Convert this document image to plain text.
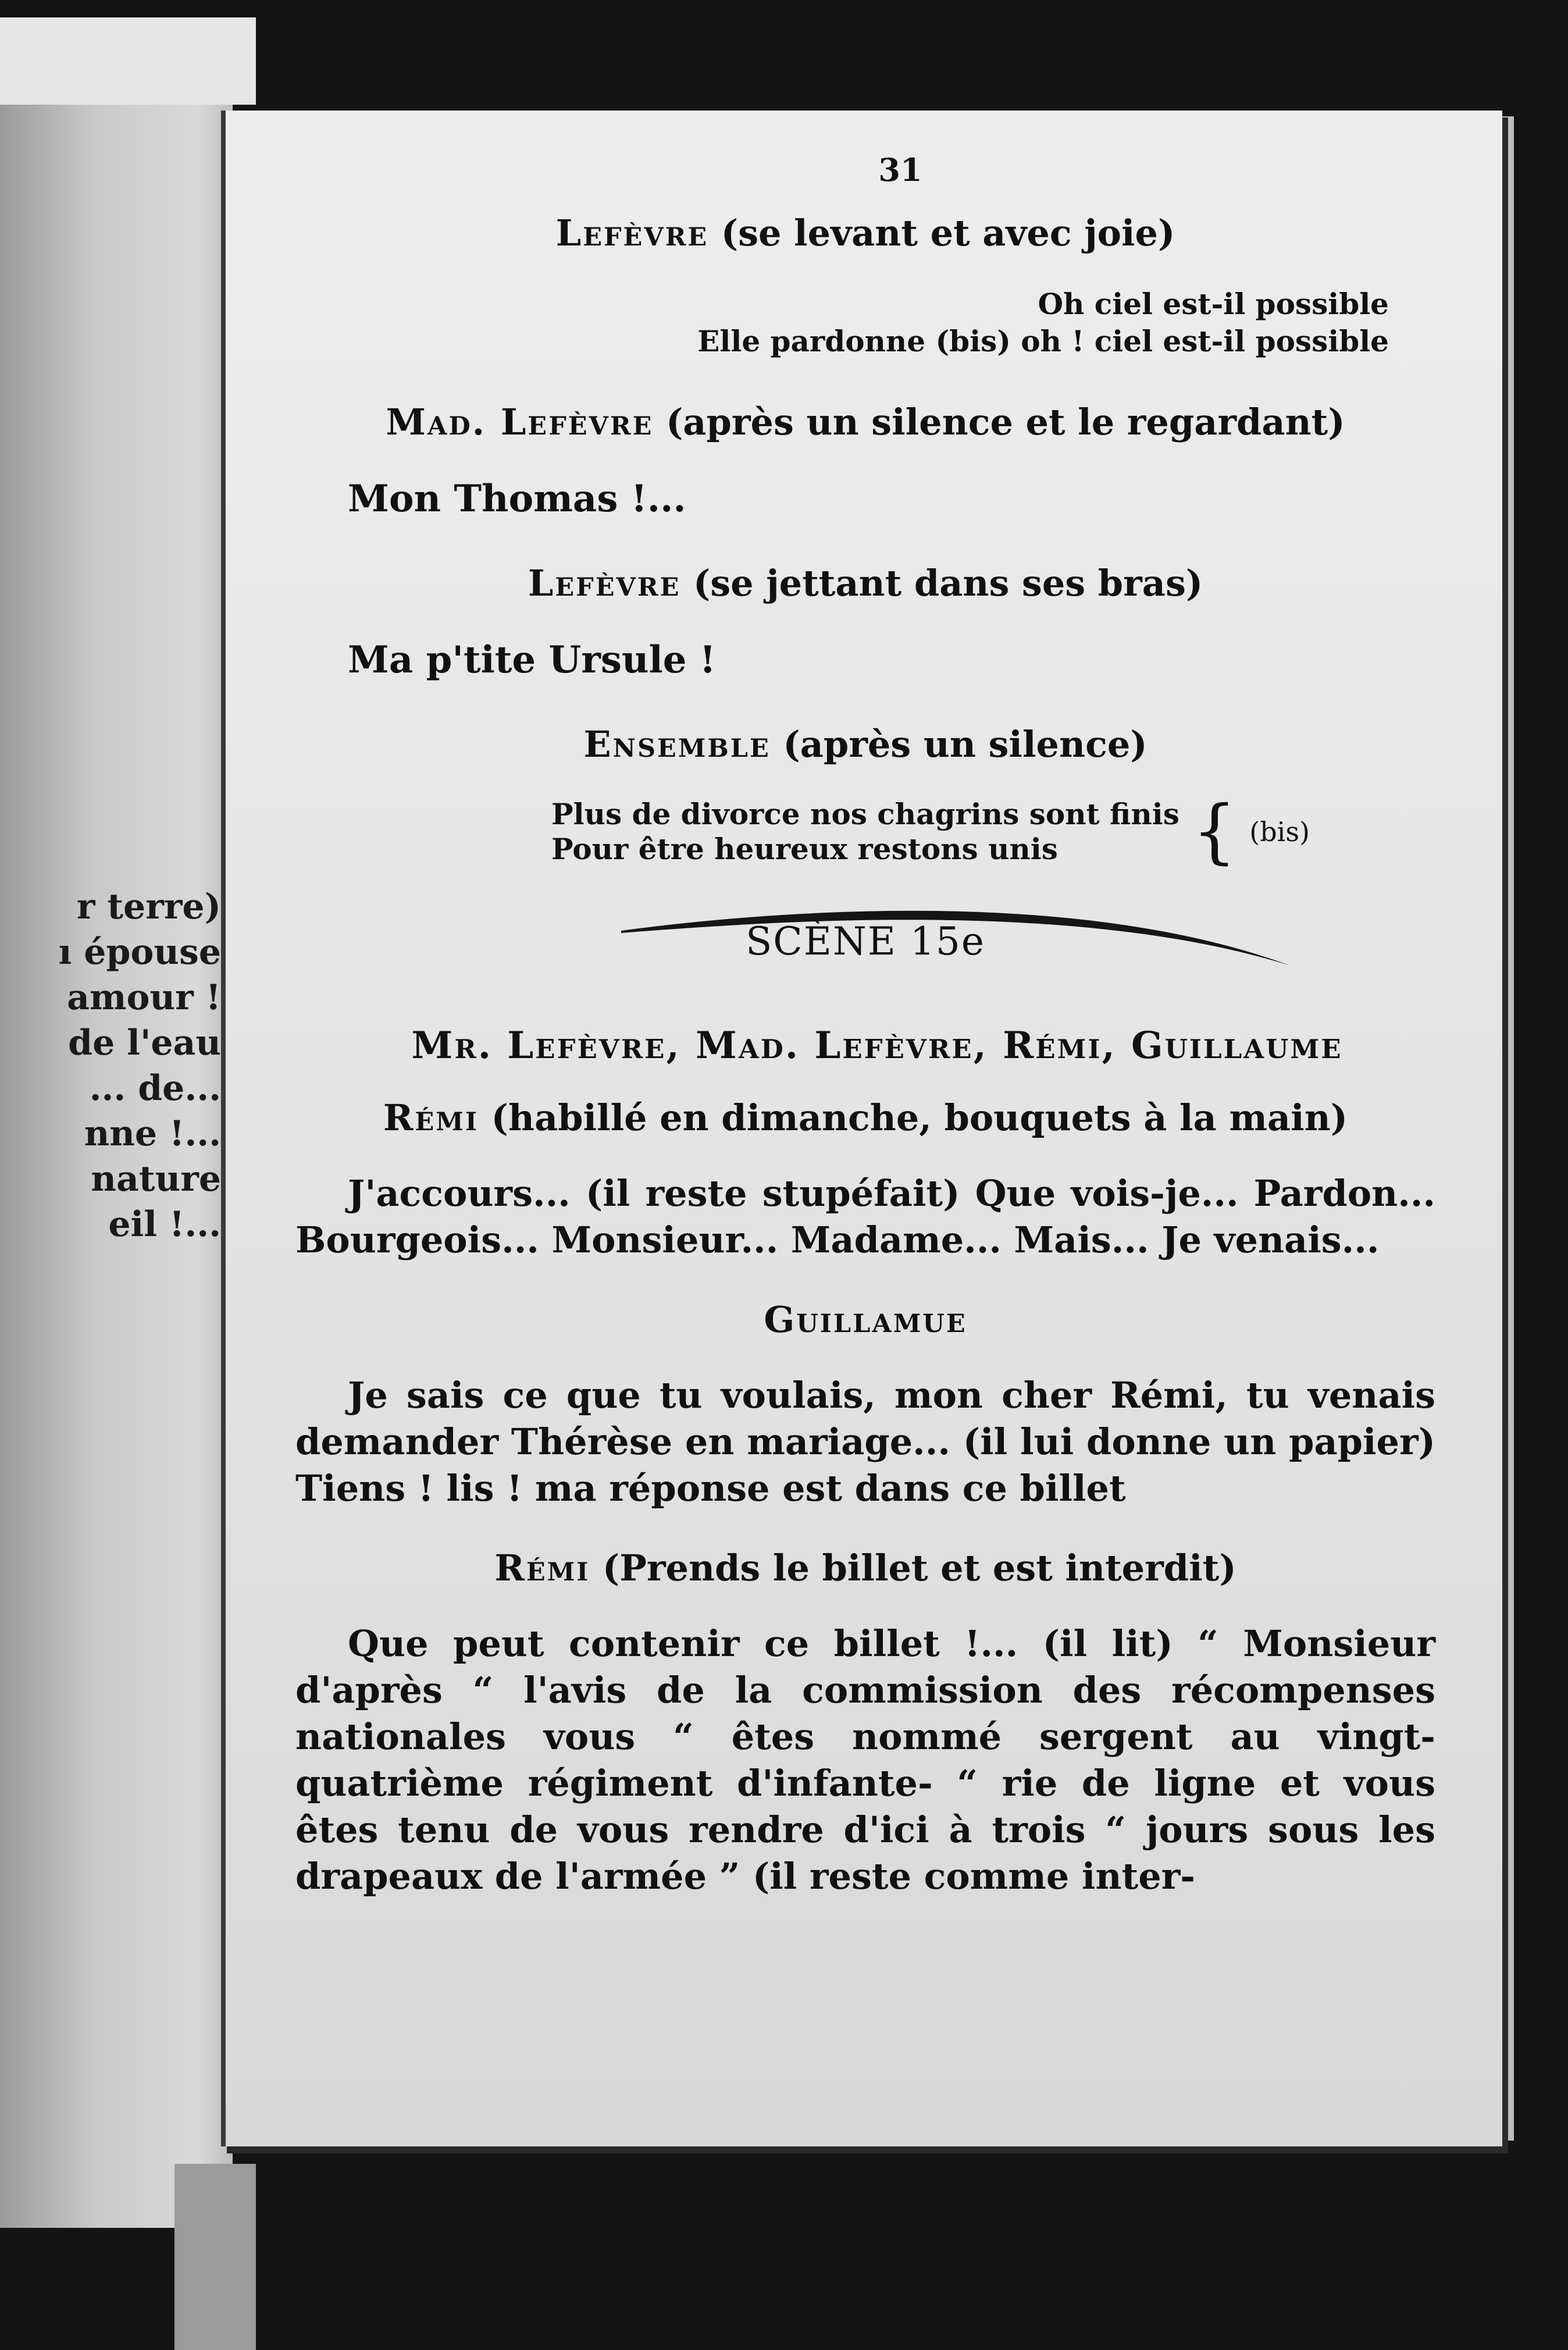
r terre)
ı épouse
amour !
de l'eau
... de...
nne !...
nature
eil !...
31
Lefèvre (se levant et avec joie)
Oh ciel est-il possible
Elle pardonne (bis) oh ! ciel est-il possible
Mad. Lefèvre (après un silence et le regardant)
Mon Thomas !...
Lefèvre (se jettant dans ses bras)
Ma p'tite Ursule !
Ensemble (après un silence)
Plus de divorce nos chagrins sont finis
Pour être heureux restons unis	{ (bis)
SCÈNE 15e
Mr. Lefèvre, Mad. Lefèvre, Rémi, Guillaume
Rémi (habillé en dimanche, bouquets à la main)
J'accours... (il reste stupéfait) Que vois-je... Pardon... Bourgeois... Monsieur... Madame... Mais... Je venais...
Guillamue
Je sais ce que tu voulais, mon cher Rémi, tu venais demander Thérèse en mariage... (il lui donne un papier) Tiens ! lis ! ma réponse est dans ce billet
Rémi (Prends le billet et est interdit)
Que peut contenir ce billet !... (il lit) “ Monsieur d'après “ l'avis de la commission des récompenses nationales vous “ êtes nommé sergent au vingt-quatrième régiment d'infante- “ rie de ligne et vous êtes tenu de vous rendre d'ici à trois “ jours sous les drapeaux de l'armée ” (il reste comme inter-
